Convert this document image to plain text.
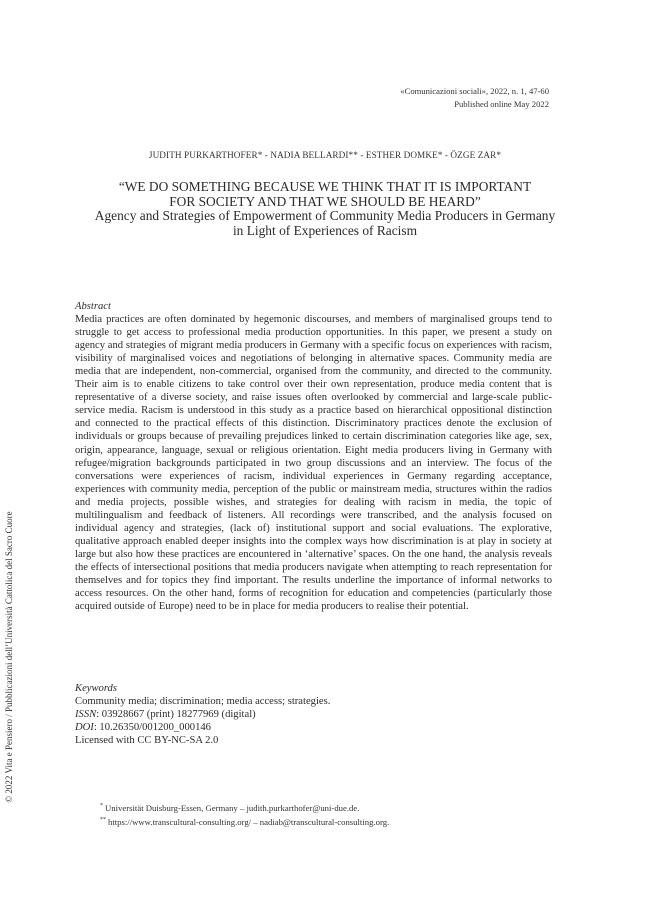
«Comunicazioni sociali», 2022, n. 1, 47-60
Published online May 2022
JUDITH PURKARTHOFER* - NADIA BELLARDI** - ESTHER DOMKE* - ÖZGE ZAR*
“WE DO SOMETHING BECAUSE WE THINK THAT IT IS IMPORTANT
FOR SOCIETY AND THAT WE SHOULD BE HEARD”
Agency and Strategies of Empowerment of Community Media Producers in Germany
in Light of Experiences of Racism
Abstract

Media practices are often dominated by hegemonic discourses, and members of marginalised groups tend to struggle to get access to professional media production opportunities. In this paper, we present a study on agency and strategies of migrant media producers in Germany with a specific focus on experiences with racism, visibility of marginalised voices and negotiations of belonging in alternative spaces. Community media are media that are independent, non-commercial, organised from the community, and directed to the community. Their aim is to enable citizens to take control over their own representation, produce media content that is representative of a diverse society, and raise issues often overlooked by commercial and large-scale public-service media. Racism is understood in this study as a practice based on hierarchical oppositional distinction and connected to the practical effects of this distinction. Discriminatory practices denote the exclusion of individuals or groups because of prevailing prejudices linked to certain discrimination categories like age, sex, origin, appearance, language, sexual or religious orientation. Eight media producers living in Germany with refugee/migration backgrounds participated in two group discussions and an interview. The focus of the conversations were experiences of racism, individual experiences in Germany regarding acceptance, experiences with community media, perception of the public or mainstream media, structures within the radios and media projects, possible wishes, and strategies for dealing with racism in media, the topic of multilingualism and feedback of listeners. All recordings were transcribed, and the analysis focused on individual agency and strategies, (lack of) institutional support and social evaluations. The explorative, qualitative approach enabled deeper insights into the complex ways how discrimination is at play in society at large but also how these practices are encountered in ‘alternative’ spaces. On the one hand, the analysis reveals the effects of intersectional positions that media producers navigate when attempting to reach representation for themselves and for topics they find important. The results underline the importance of informal networks to access resources. On the other hand, forms of recognition for education and competencies (particularly those acquired outside of Europe) need to be in place for media producers to realise their potential.

Keywords
Community media; discrimination; media access; strategies.
ISSN: 03928667 (print) 18277969 (digital)
DOI: 10.26350/001200_000146
Licensed with CC BY-NC-SA 2.0
* Universität Duisburg-Essen, Germany – judith.purkarthofer@uni-due.de.
** https://www.transcultural-consulting.org/ – nadiab@transcultural-consulting.org.
© 2022 Vita e Pensiero / Pubblicazioni dell’Università Cattolica del Sacro Cuore
